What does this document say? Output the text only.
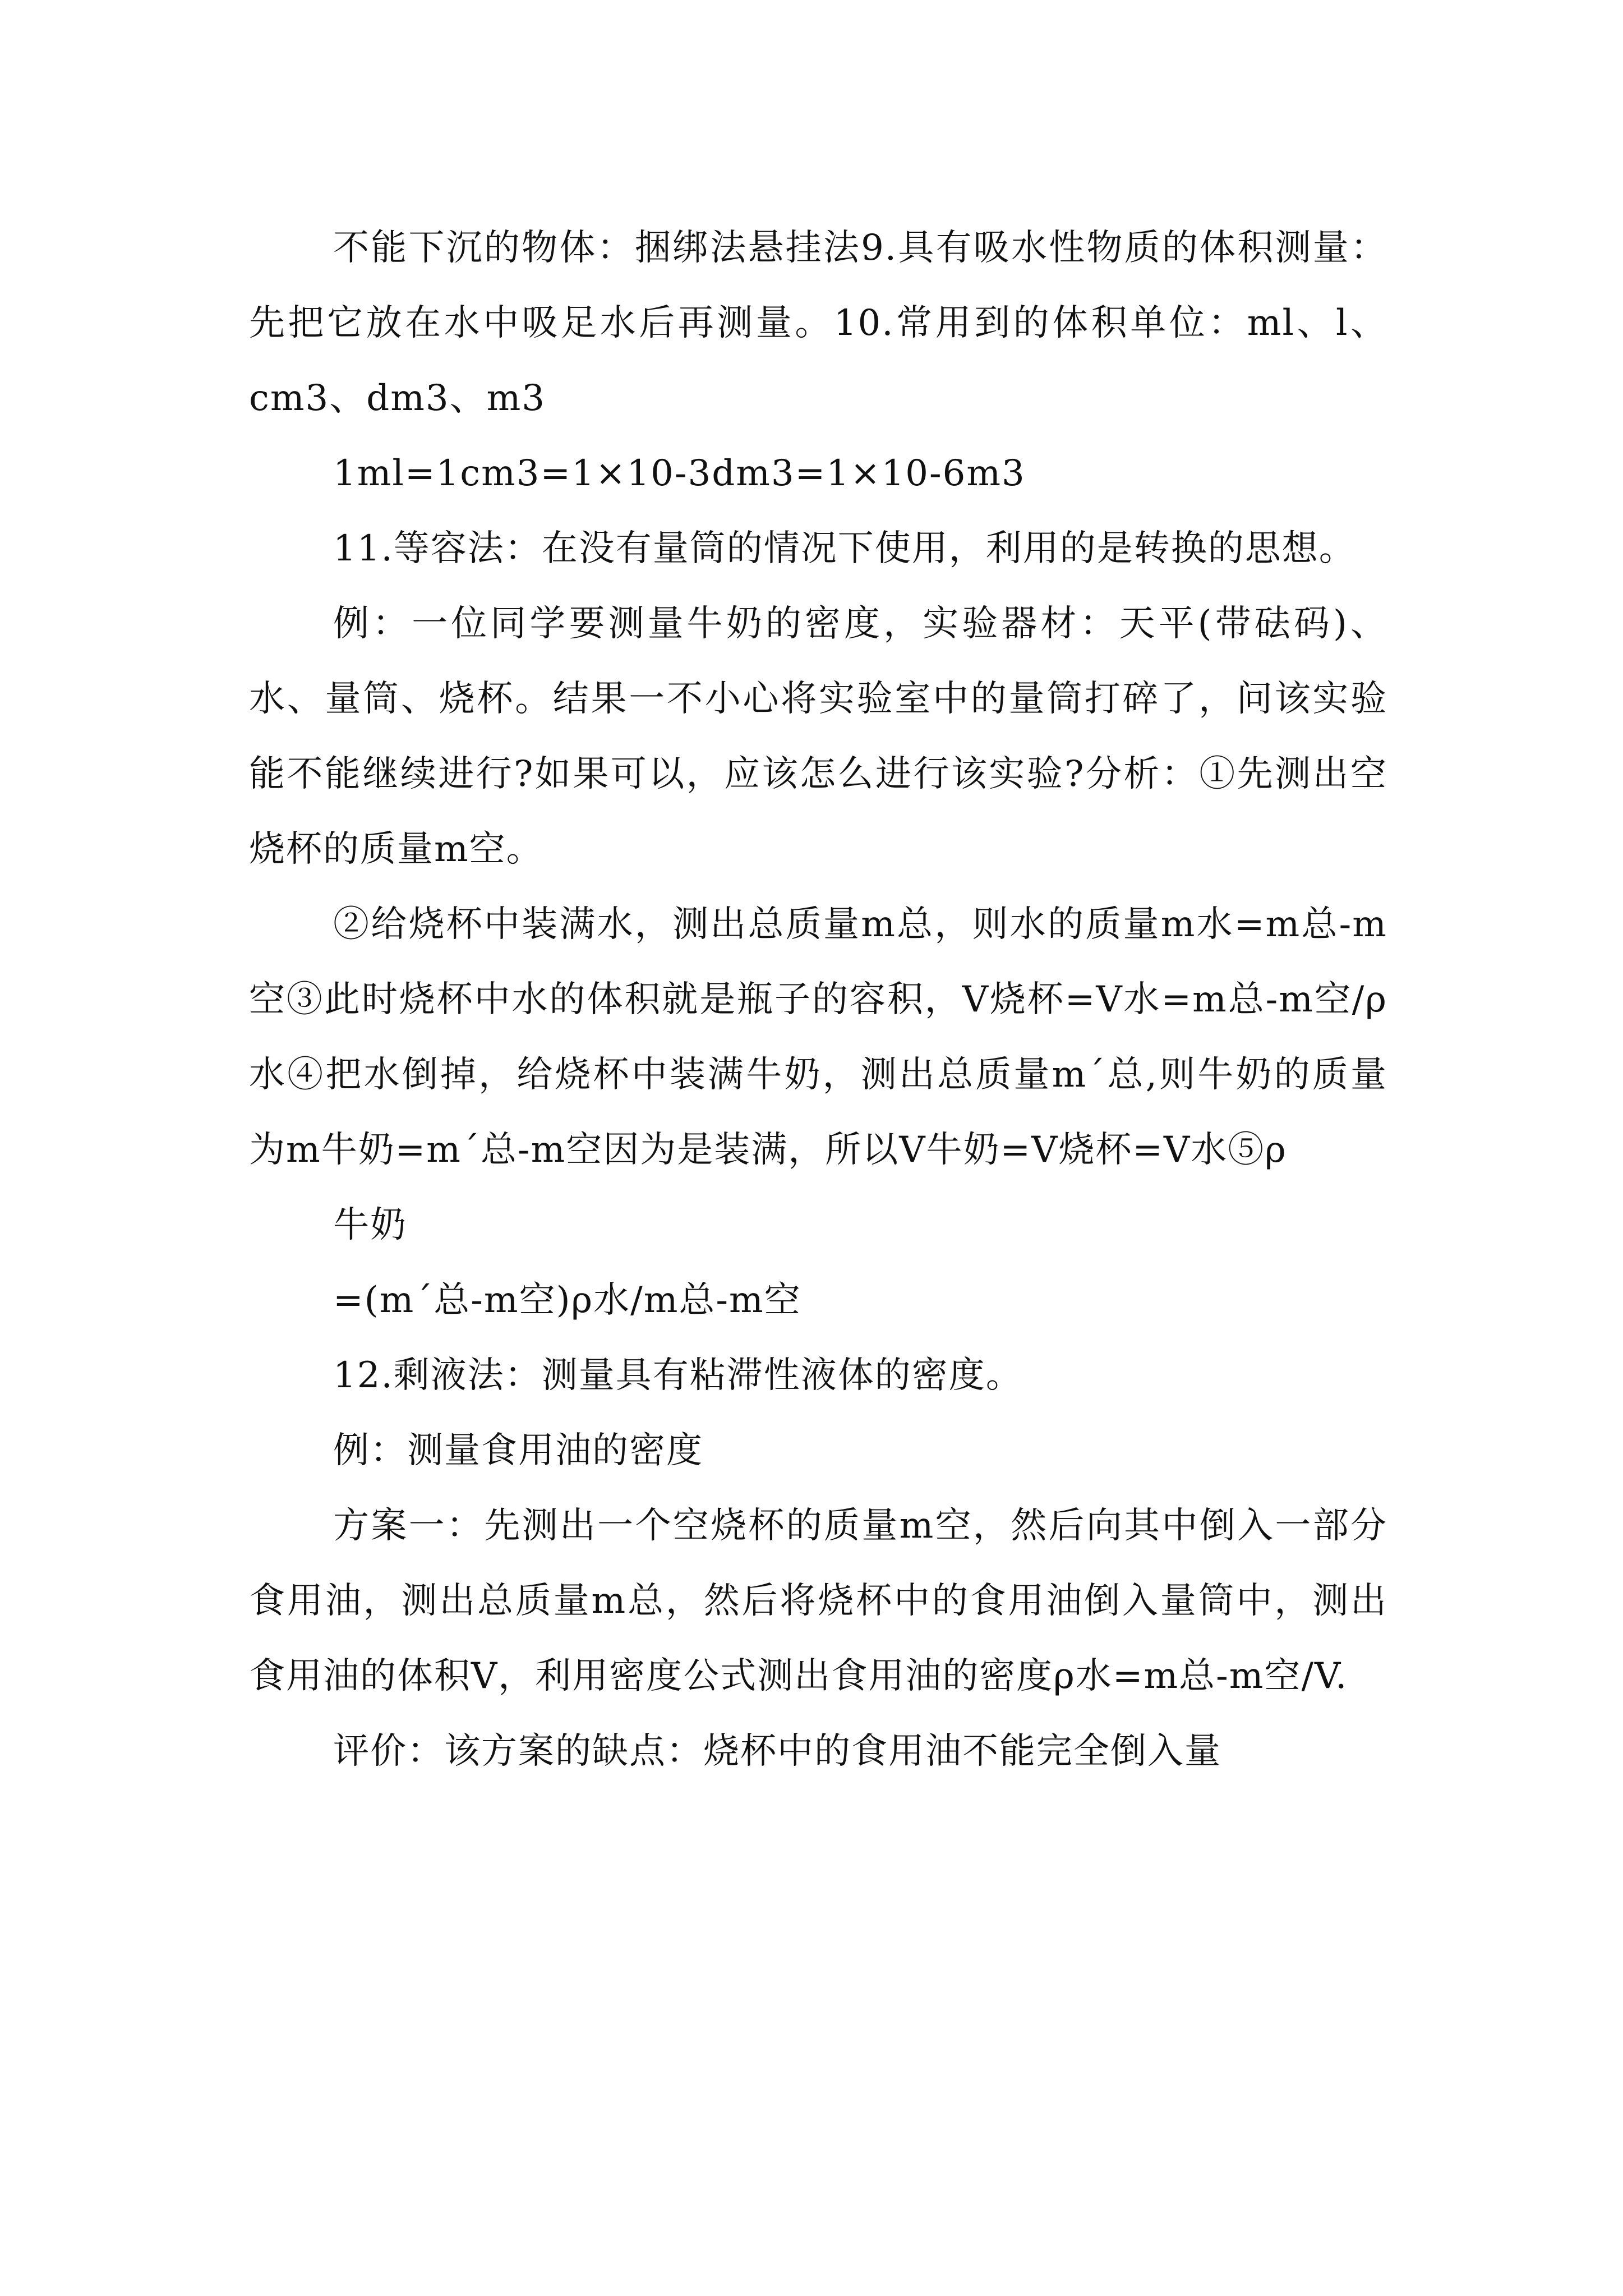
不能下沉的物体：捆绑法悬挂法9.具有吸水性物质的体积测量：先把它放在水中吸足水后再测量。10.常用到的体积单位：ml、l、cm3、dm3、m3

1ml=1cm3=1×10-3dm3=1×10-6m3

11.等容法：在没有量筒的情况下使用，利用的是转换的思想。

例：一位同学要测量牛奶的密度，实验器材：天平(带砝码)、水、量筒、烧杯。结果一不小心将实验室中的量筒打碎了，问该实验能不能继续进行?如果可以，应该怎么进行该实验?分析：①先测出空烧杯的质量m空。

②给烧杯中装满水，测出总质量m总，则水的质量m水=m总-m空③此时烧杯中水的体积就是瓶子的容积，V烧杯=V水=m总-m空/ρ水④把水倒掉，给烧杯中装满牛奶，测出总质量m´总,则牛奶的质量为m牛奶=m´总-m空因为是装满，所以V牛奶=V烧杯=V水⑤ρ

牛奶

=(m´总-m空)ρ水/m总-m空

12.剩液法：测量具有粘滞性液体的密度。

例：测量食用油的密度

方案一：先测出一个空烧杯的质量m空，然后向其中倒入一部分食用油，测出总质量m总，然后将烧杯中的食用油倒入量筒中，测出食用油的体积V，利用密度公式测出食用油的密度ρ水=m总-m空/V.

评价：该方案的缺点：烧杯中的食用油不能完全倒入量
